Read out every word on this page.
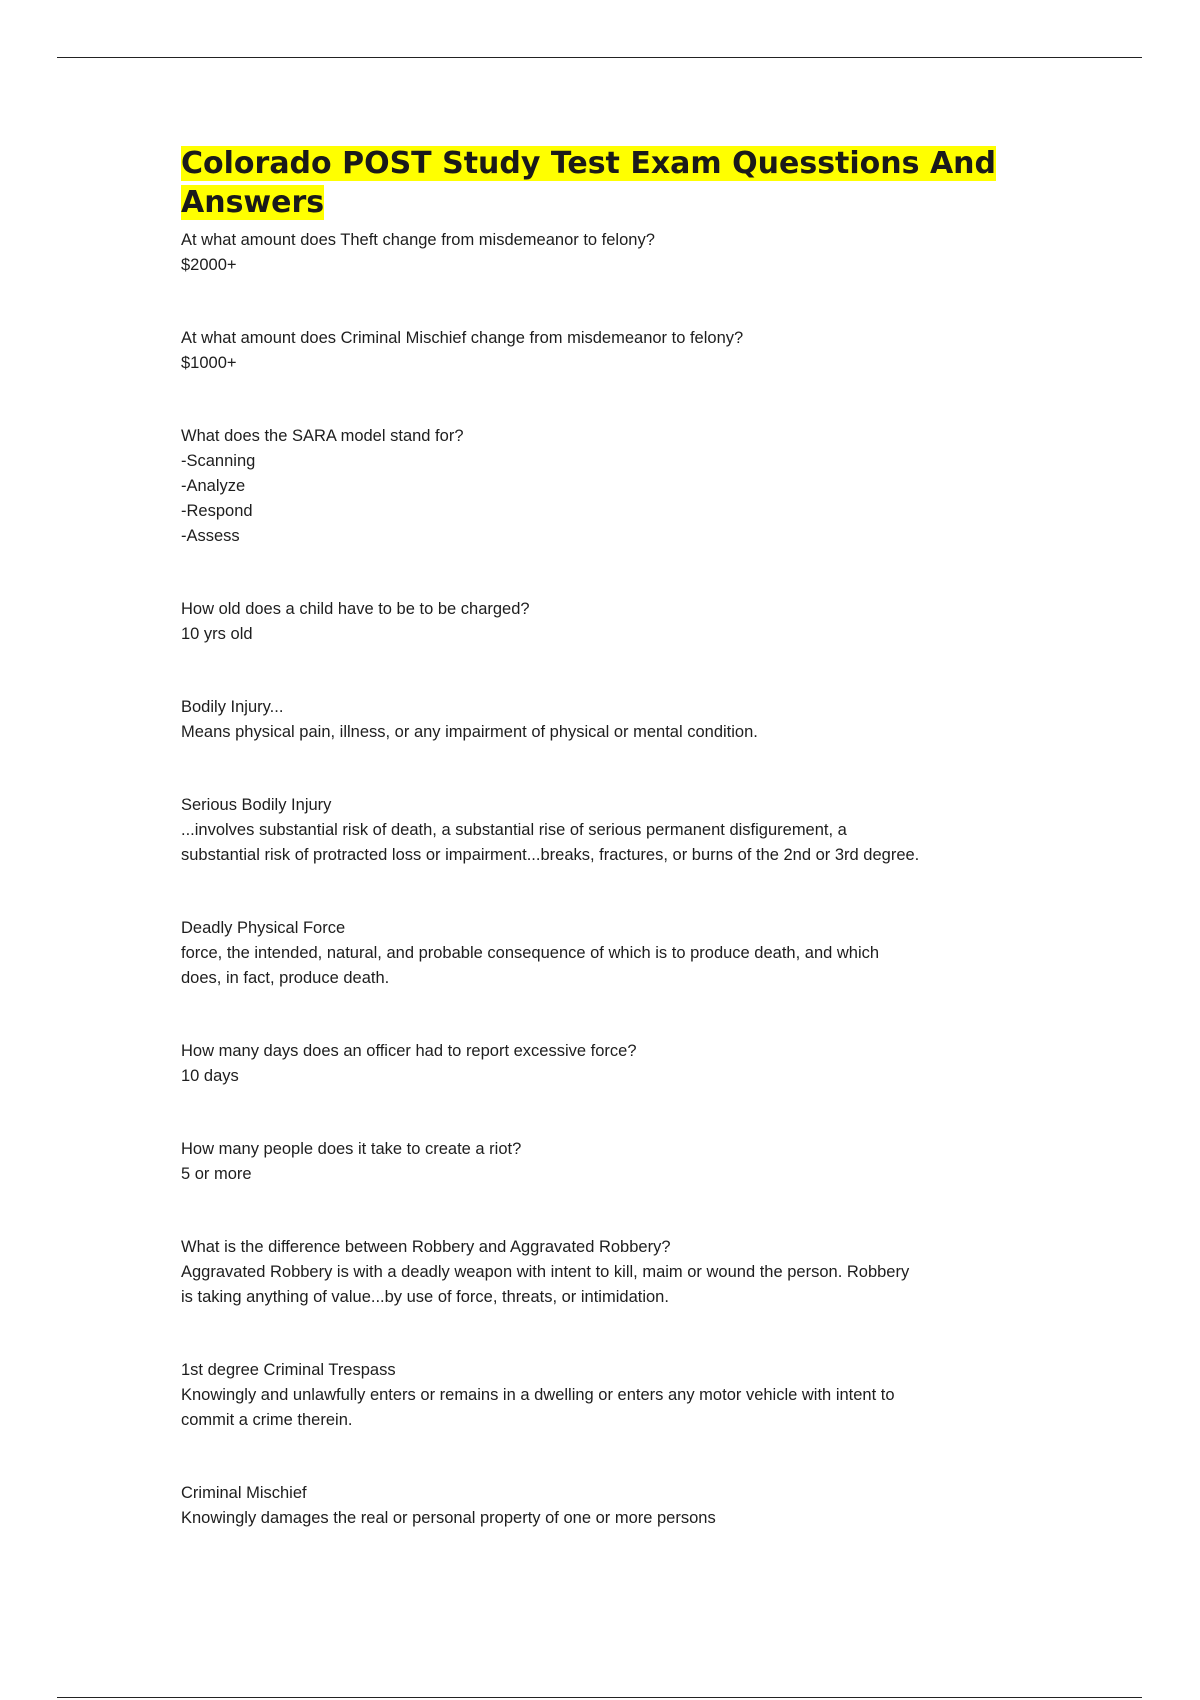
Colorado POST Study Test Exam Quesstions And Answers
At what amount does Theft change from misdemeanor to felony?
$2000+
At what amount does Criminal Mischief change from misdemeanor to felony?
$1000+
What does the SARA model stand for?
-Scanning
-Analyze
-Respond
-Assess
How old does a child have to be to be charged?
10 yrs old
Bodily Injury...
Means physical pain, illness, or any impairment of physical or mental condition.
Serious Bodily Injury
...involves substantial risk of death, a substantial rise of serious permanent disfigurement, a
substantial risk of protracted loss or impairment...breaks, fractures, or burns of the 2nd or 3rd degree.
Deadly Physical Force
force, the intended, natural, and probable consequence of which is to produce death, and which
does, in fact, produce death.
How many days does an officer had to report excessive force?
10 days
How many people does it take to create a riot?
5 or more
What is the difference between Robbery and Aggravated Robbery?
Aggravated Robbery is with a deadly weapon with intent to kill, maim or wound the person. Robbery
is taking anything of value...by use of force, threats, or intimidation.
1st degree Criminal Trespass
Knowingly and unlawfully enters or remains in a dwelling or enters any motor vehicle with intent to
commit a crime therein.
Criminal Mischief
Knowingly damages the real or personal property of one or more persons
